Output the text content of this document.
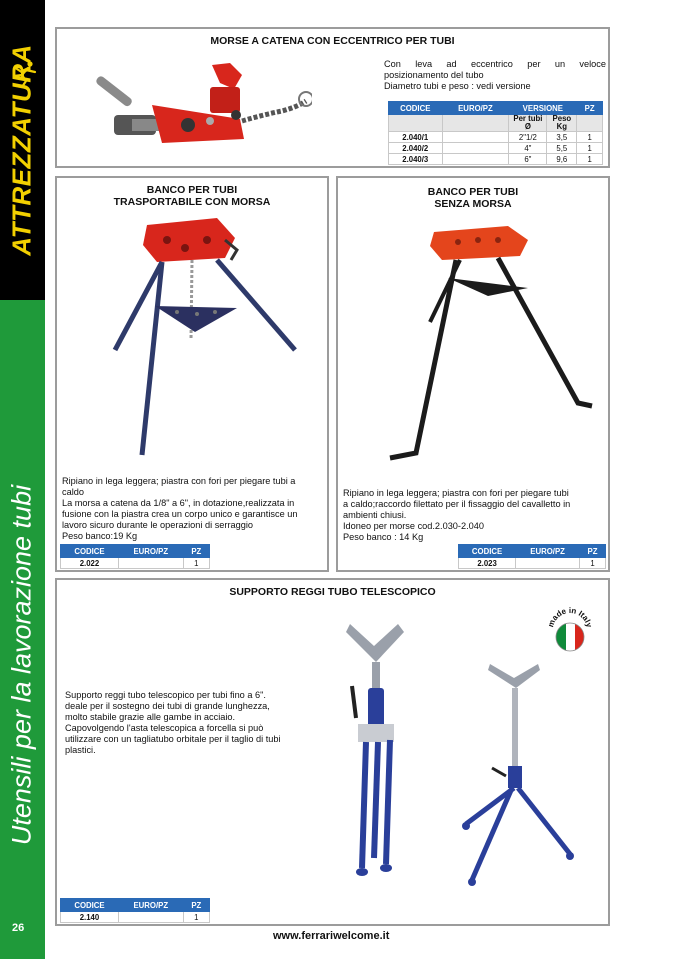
ATTREZZATURA
Utensili per la lavorazione tubi
26
www.ferrariwelcome.it
MORSE A CATENA CON ECCENTRICO PER TUBI
Con leva ad eccentrico per un veloce
posizionamento del tubo
Diametro tubi e peso : vedi versione
CODICE	EURO/PZ	VERSIONE		PZ
		Per tubi Ø	Peso Kg	
2.040/1		2"1/2	3,5	1
2.040/2		4"	5,5	1
2.040/3		6"	9,6	1
BANCO PER TUBI
TRASPORTABILE CON MORSA
Ripiano in lega leggera; piastra con fori per piegare tubi a
caldo
La morsa a catena da 1/8" a 6", in dotazione,realizzata in
fusione con la piastra crea un corpo unico e garantisce un
lavoro sicuro durante le operazioni di serraggio
Peso banco:19 Kg
CODICE	EURO/PZ	PZ
2.022		1
BANCO PER TUBI
SENZA MORSA
Ripiano in lega leggera; piastra con fori per piegare tubi
a caldo;raccordo filettato per il fissaggio del cavalletto in
ambienti chiusi.
Idoneo per morse cod.2.030-2.040
Peso banco : 14 Kg
CODICE	EURO/PZ	PZ
2.023		1
SUPPORTO REGGI TUBO TELESCOPICO
Supporto reggi tubo telescopico per tubi fino a 6".
deale per il sostegno dei tubi di grande lunghezza,
molto stabile grazie alle gambe in acciaio.
Capovolgendo l'asta telescopica a forcella si può
utilizzare con un tagliatubo orbitale per il taglio di tubi
plastici.
CODICE	EURO/PZ	PZ
2.140		1
made in Italy
